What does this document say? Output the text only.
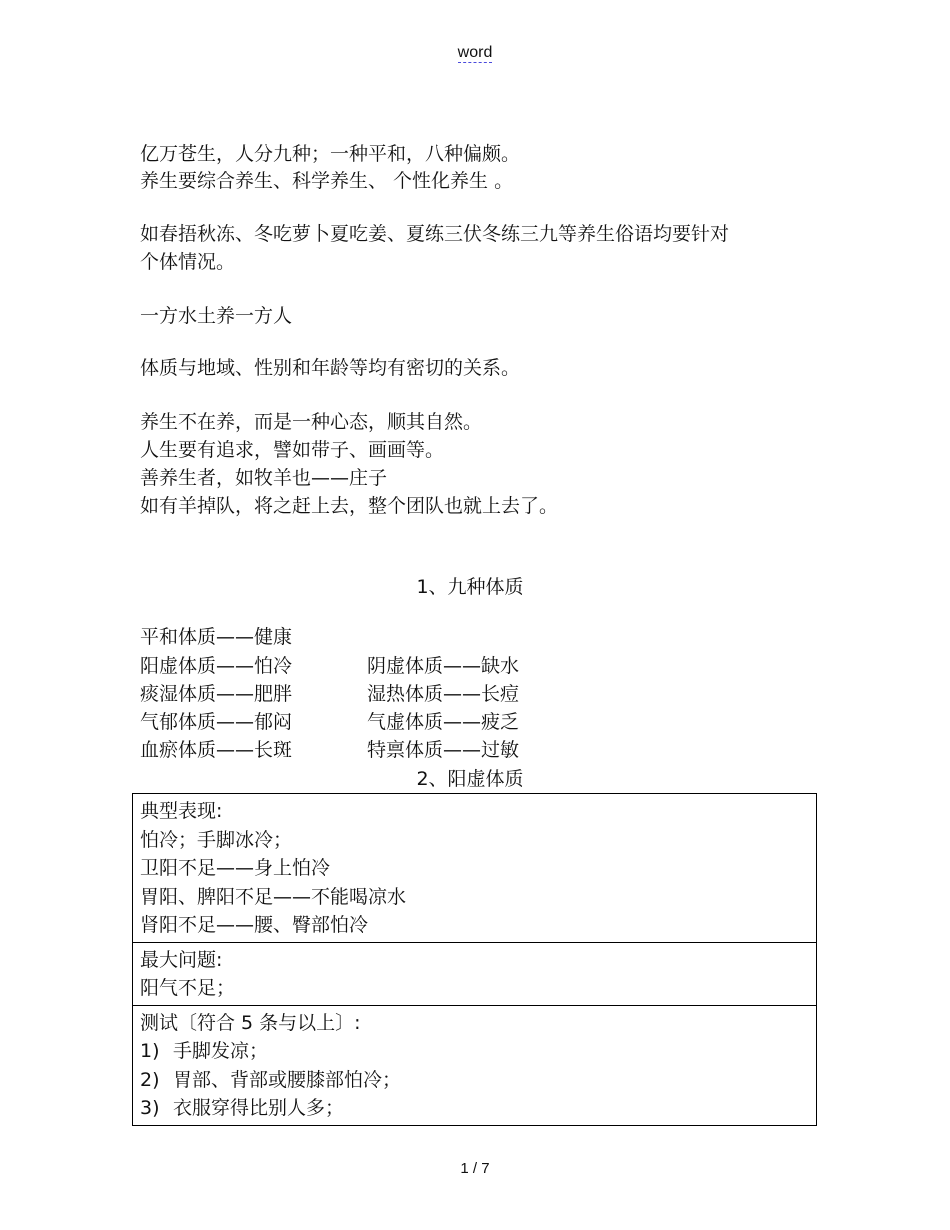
word
亿万苍生，人分九种；一种平和，八种偏颇。
养生要综合养生、科学养生、 个性化养生 。
如春捂秋冻、冬吃萝卜夏吃姜、夏练三伏冬练三九等养生俗语均要针对
个体情况。
一方水土养一方人
体质与地域、性别和年龄等均有密切的关系。
养生不在养，而是一种心态，顺其自然。
人生要有追求，譬如带子、画画等。
善养生者，如牧羊也——庄子
如有羊掉队，将之赶上去，整个团队也就上去了。
1、九种体质
平和体质——健康
阳虚体质——怕冷	阴虚体质——缺水
痰湿体质——肥胖	湿热体质——长痘
气郁体质——郁闷	气虚体质——疲乏
血瘀体质——长斑	特禀体质——过敏
2、阳虚体质
典型表现:
怕冷；手脚冰冷；
卫阳不足——身上怕冷
胃阳、脾阳不足——不能喝凉水
肾阳不足——腰、臀部怕冷
最大问题:
阳气不足；
测试〔符合 5 条与以上〕:
1) 手脚发凉；
2) 胃部、背部或腰膝部怕冷；
3) 衣服穿得比别人多；
1 / 7
